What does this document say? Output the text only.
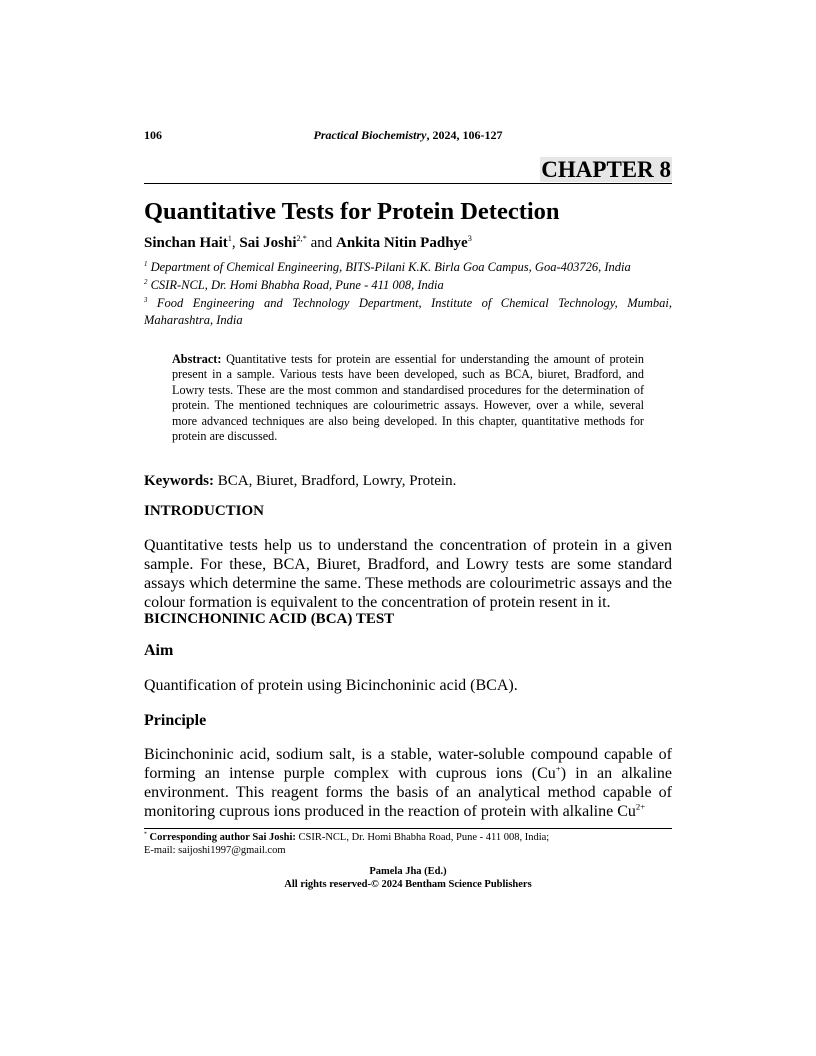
106	Practical Biochemistry, 2024, 106-127
CHAPTER 8
Quantitative Tests for Protein Detection
Sinchan Hait$^1$, Sai Joshi$^{2,*}$ and Ankita Nitin Padhye$^3$
$^1$ Department of Chemical Engineering, BITS-Pilani K.K. Birla Goa Campus, Goa-403726, India
$^2$ CSIR-NCL, Dr. Homi Bhabha Road, Pune - 411 008, India
$^3$ Food Engineering and Technology Department, Institute of Chemical Technology, Mumbai, Maharashtra, India
Abstract: Quantitative tests for protein are essential for understanding the amount of protein present in a sample. Various tests have been developed, such as BCA, biuret, Bradford, and Lowry tests. These are the most common and standardised procedures for the determination of protein. The mentioned techniques are colourimetric assays. However, over a while, several more advanced techniques are also being developed. In this chapter, quantitative methods for protein are discussed.
Keywords: BCA, Biuret, Bradford, Lowry, Protein.
INTRODUCTION
Quantitative tests help us to understand the concentration of protein in a given sample. For these, BCA, Biuret, Bradford, and Lowry tests are some standard assays which determine the same. These methods are colourimetric assays and the colour formation is equivalent to the concentration of protein resent in it.
BICINCHONINIC ACID (BCA) TEST
Aim
Quantification of protein using Bicinchoninic acid (BCA).
Principle
Bicinchoninic acid, sodium salt, is a stable, water-soluble compound capable of forming an intense purple complex with cuprous ions (Cu+) in an alkaline environment. This reagent forms the basis of an analytical method capable of monitoring cuprous ions produced in the reaction of protein with alkaline $Cu^{2+}$
* Corresponding author Sai Joshi: CSIR-NCL, Dr. Homi Bhabha Road, Pune - 411 008, India;
E-mail: saijoshi1997@gmail.com
Pamela Jha (Ed.)
All rights reserved-© 2024 Bentham Science Publishers
